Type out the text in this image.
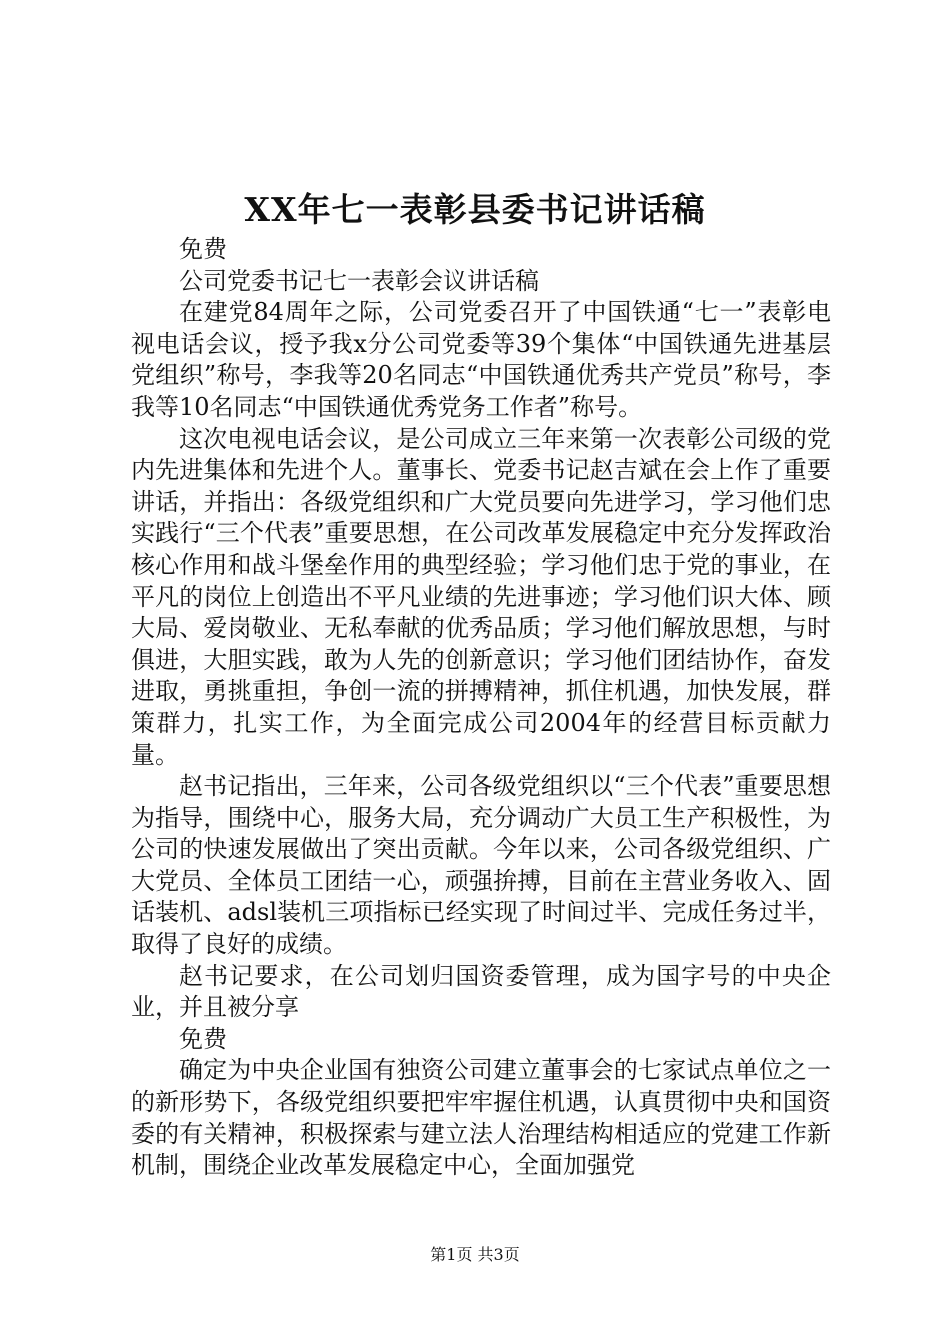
XX年七一表彰县委书记讲话稿

免费

公司党委书记七一表彰会议讲话稿

在建党84周年之际，公司党委召开了中国铁通“七一”表彰电视电话会议，授予我x分公司党委等39个集体“中国铁通先进基层党组织”称号，李我等20名同志“中国铁通优秀共产党员”称号，李我等10名同志“中国铁通优秀党务工作者”称号。

这次电视电话会议，是公司成立三年来第一次表彰公司级的党内先进集体和先进个人。董事长、党委书记赵吉斌在会上作了重要讲话，并指出：各级党组织和广大党员要向先进学习，学习他们忠实践行“三个代表”重要思想，在公司改革发展稳定中充分发挥政治核心作用和战斗堡垒作用的典型经验；学习他们忠于党的事业，在平凡的岗位上创造出不平凡业绩的先进事迹；学习他们识大体、顾大局、爱岗敬业、无私奉献的优秀品质；学习他们解放思想，与时俱进，大胆实践，敢为人先的创新意识；学习他们团结协作，奋发进取，勇挑重担，争创一流的拼搏精神，抓住机遇，加快发展，群策群力，扎实工作，为全面完成公司2004年的经营目标贡献力量。

赵书记指出，三年来，公司各级党组织以“三个代表”重要思想为指导，围绕中心，服务大局，充分调动广大员工生产积极性，为公司的快速发展做出了突出贡献。今年以来，公司各级党组织、广大党员、全体员工团结一心，顽强拚搏，目前在主营业务收入、固话装机、adsl装机三项指标已经实现了时间过半、完成任务过半，取得了良好的成绩。

赵书记要求，在公司划归国资委管理，成为国字号的中央企业，并且被分享

免费

确定为中央企业国有独资公司建立董事会的七家试点单位之一的新形势下，各级党组织要把牢牢握住机遇，认真贯彻中央和国资委的有关精神，积极探索与建立法人治理结构相适应的党建工作新机制，围绕企业改革发展稳定中心，全面加强党

第1页 共3页
